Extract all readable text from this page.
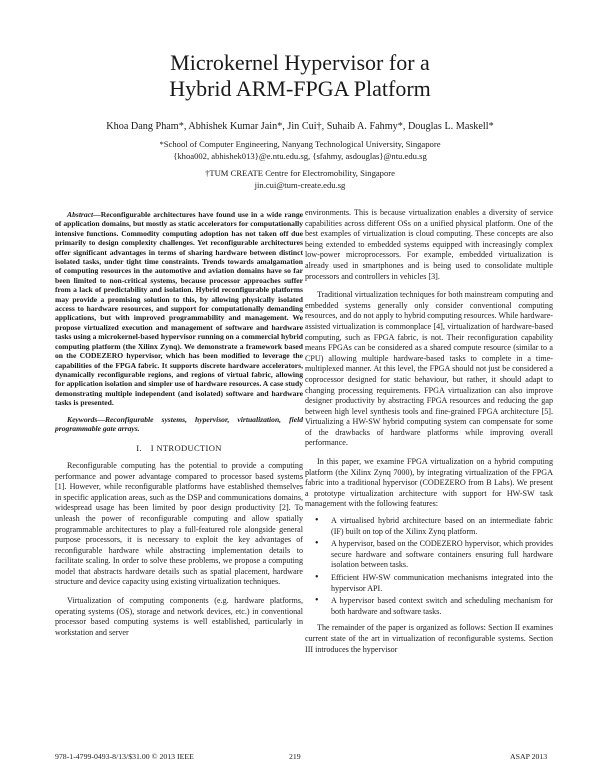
Microkernel Hypervisor for a
Hybrid ARM-FPGA Platform
Khoa Dang Pham*, Abhishek Kumar Jain*, Jin Cui†, Suhaib A. Fahmy*, Douglas L. Maskell*
*School of Computer Engineering, Nanyang Technological University, Singapore
{khoa002, abhishek013}@e.ntu.edu.sg, {sfahmy, asdouglas}@ntu.edu.sg
†TUM CREATE Centre for Electromobility, Singapore
jin.cui@tum-create.edu.sg

Abstract—Reconfigurable architectures have found use in a wide range of application domains, but mostly as static accelerators for computationally intensive functions. Commodity computing adoption has not taken off due primarily to design complexity challenges. Yet reconfigurable architectures offer significant advantages in terms of sharing hardware between distinct isolated tasks, under tight time constraints. Trends towards amalgamation of computing resources in the automotive and aviation domains have so far been limited to non-critical systems, because processor approaches suffer from a lack of predictability and isolation. Hybrid reconfigurable platforms may provide a promising solution to this, by allowing physically isolated access to hardware resources, and support for computationally demanding applications, but with improved programmability and management. We propose virtualized execution and management of software and hardware tasks using a microkernel-based hypervisor running on a commercial hybrid computing platform (the Xilinx Zynq). We demonstrate a framework based on the CODEZERO hypervisor, which has been modified to leverage the capabilities of the FPGA fabric. It supports discrete hardware accelerators, dynamically reconfigurable regions, and regions of virtual fabric, allowing for application isolation and simpler use of hardware resources. A case study demonstrating multiple independent (and isolated) software and hardware tasks is presented.

Keywords—Reconfigurable systems, hypervisor, virtualization, field programmable gate arrays.

I. I NTRODUCTION

Reconfigurable computing has the potential to provide a computing performance and power advantage compared to processor based systems [1]. However, while reconfigurable platforms have established themselves in specific application areas, such as the DSP and communications domains, widespread usage has been limited by poor design productivity [2]. To unleash the power of reconfigurable computing and allow spatially programmable architectures to play a full-featured role alongside general purpose processors, it is necessary to exploit the key advantages of reconfigurable hardware while abstracting implementation details to facilitate scaling. In order to solve these problems, we propose a computing model that abstracts hardware details such as spatial placement, hardware structure and device capacity using existing virtualization techniques.

Virtualization of computing components (e.g. hardware platforms, operating systems (OS), storage and network devices, etc.) in conventional processor based computing systems is well established, particularly in workstation and server

environments. This is because virtualization enables a diversity of service capabilities across different OSs on a unified physical platform. One of the best examples of virtualization is cloud computing. These concepts are also being extended to embedded systems equipped with increasingly complex low-power microprocessors. For example, embedded virtualization is already used in smartphones and is being used to consolidate multiple processors and controllers in vehicles [3].

Traditional virtualization techniques for both mainstream computing and embedded systems generally only consider conventional computing resources, and do not apply to hybrid computing resources. While hardware-assisted virtualization is commonplace [4], virtualization of hardware-based computing, such as FPGA fabric, is not. Their reconfiguration capability means FPGAs can be considered as a shared compute resource (similar to a CPU) allowing multiple hardware-based tasks to complete in a time-multiplexed manner. At this level, the FPGA should not just be considered a coprocessor designed for static behaviour, but rather, it should adapt to changing processing requirements. FPGA virtualization can also improve designer productivity by abstracting FPGA resources and reducing the gap between high level synthesis tools and fine-grained FPGA architecture [5]. Virtualizing a HW-SW hybrid computing system can compensate for some of the drawbacks of hardware platforms while improving overall performance.

In this paper, we examine FPGA virtualization on a hybrid computing platform (the Xilinx Zynq 7000), by integrating virtualization of the FPGA fabric into a traditional hypervisor (CODEZERO from B Labs). We present a prototype virtualization architecture with support for HW-SW task management with the following features:

• A virtualised hybrid architecture based on an intermediate fabric (IF) built on top of the Xilinx Zynq platform.
• A hypervisor, based on the CODEZERO hypervisor, which provides secure hardware and software containers ensuring full hardware isolation between tasks.
• Efficient HW-SW communication mechanisms integrated into the hypervisor API.
• A hypervisor based context switch and scheduling mechanism for both hardware and software tasks.

The remainder of the paper is organized as follows: Section II examines current state of the art in virtualization of reconfigurable systems. Section III introduces the hypervisor

978-1-4799-0493-8/13/$31.00 © 2013 IEEE	219	ASAP 2013
